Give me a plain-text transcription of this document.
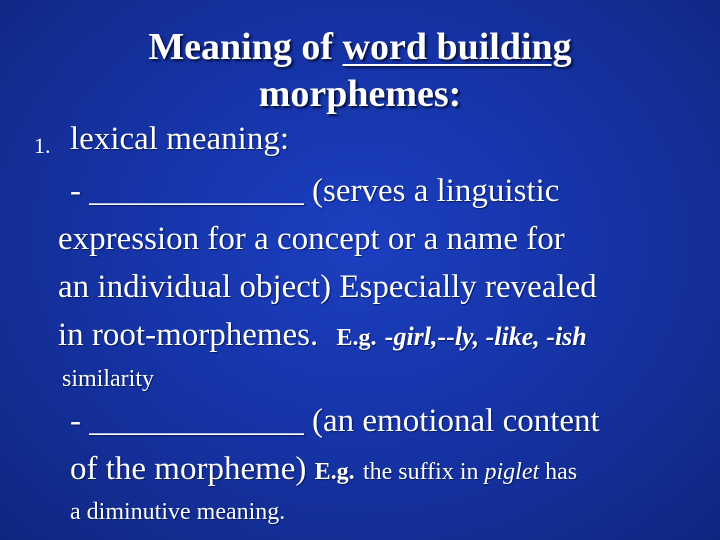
Meaning of word building
morphemes:
1. lexical meaning:
- _____________ (serves a linguistic
expression for a concept or a name for
an individual object) Especially revealed
in root-morphemes. E.g. -girl,--ly, -like, -ish
similarity
- _____________ (an emotional content
of the morpheme) E.g. the suffix in piglet has
a diminutive meaning.
